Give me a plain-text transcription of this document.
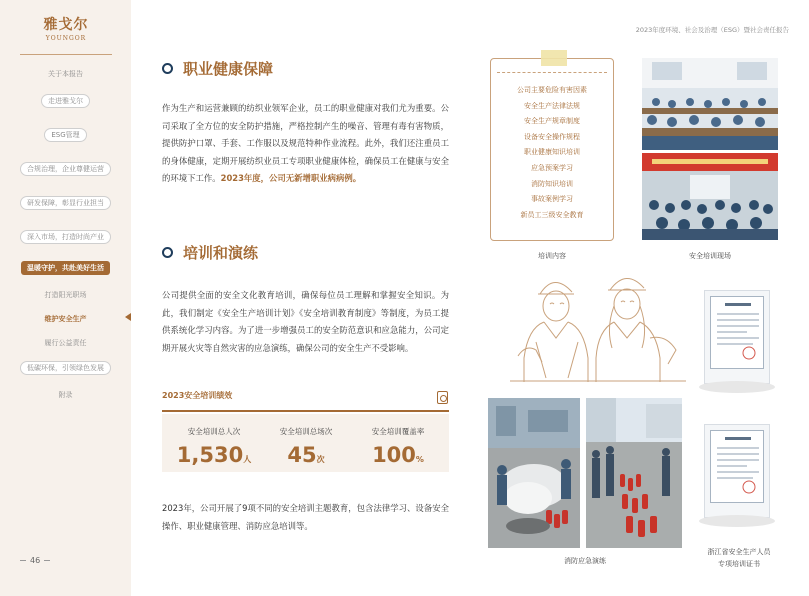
雅戈尔
YOUNGOR
关于本报告
走进雅戈尔
ESG管理
合规治理，企业尊健运营
研发保障，彰显行业担当
深入市场，打造时尚产业
温暖守护，共赴美好生活
打造阳光职场
维护安全生产
履行公益责任
低碳环保，引领绿色发展
附录
46
2023年度环境、社会及治理（ESG）暨社会责任报告
职业健康保障
作为生产和运营兼顾的纺织业领军企业，员工的职业健康对我们尤为重要。公司采取了全方位的安全防护措施，严格控制产生的噪音、管理有毒有害物质，提供防护口罩、手套、工作服以及规范特种作业流程。此外，我们还注重员工的身体健康，定期开展纺织业员工专项职业健康体检，确保员工在健康与安全的环境下工作。2023年度，公司无新增职业病病例。
培训和演练
公司提供全面的安全文化教育培训，确保每位员工理解和掌握安全知识。为此，我们制定《安全生产培训计划》《安全培训教育制度》等制度，为员工提供系统化学习内容。为了进一步增强员工的安全防范意识和应急能力，公司定期开展火灾等自然灾害的应急演练，确保公司的安全生产不受影响。
2023安全培训绩效
安全培训总人次
1,530人
安全培训总场次
45次
安全培训覆盖率
100%
2023年，公司开展了9项不同的安全培训主题教育，包含法律学习、设备安全操作、职业健康管理、消防应急培训等。
公司主要危险有害因素
安全生产法律法规
安全生产规章制度
设备安全操作规程
职业健康知识培训
应急预案学习
消防知识培训
事故案例学习
新员工三级安全教育
培训内容	安全培训现场
消防应急演练
浙江省安全生产人员
专项培训证书
